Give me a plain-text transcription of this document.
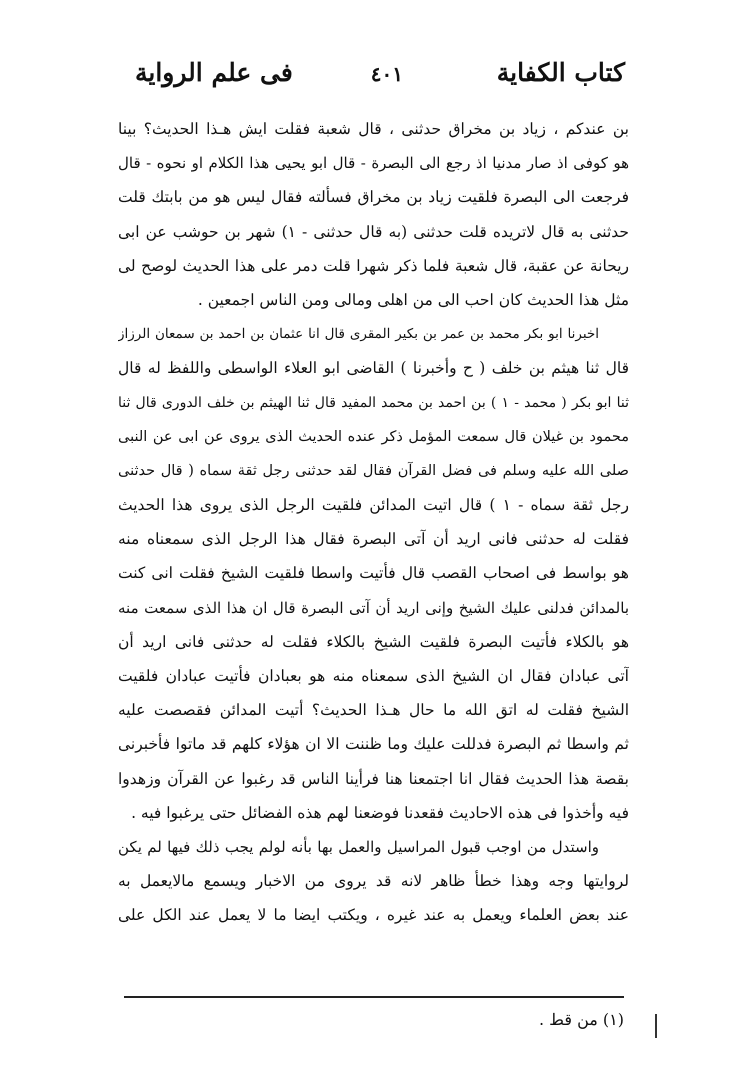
كتاب الكفاية
٤٠١
فى علم الرواية
بن عندكم ، زياد بن مخراق حدثنى ، قال شعبة فقلت ايش هـذا الحديث؟ بينا
هو كوفى اذ صار مدنيا اذ رجع الى البصرة - قال ابو يحيى هذا الكلام او نحوه - قال
فرجعت الى البصرة فلقيت زياد بن مخراق فسألته فقال ليس هو من بابتك قلت
حدثنى به قال لاتريده قلت حدثنى (به قال حدثنى - ١) شهر بن حوشب عن ابى
ريحانة عن عقبة، قال شعبة فلما ذكر شهرا قلت دمر على هذا الحديث لوصح لى
مثل هذا الحديث كان احب الى من اهلى ومالى ومن الناس اجمعين .
اخبرنا ابو بكر محمد بن عمر بن بكير المقرى قال انا عثمان بن احمد بن سمعان الرزاز
قال ثنا هيثم بن خلف ( ح وأخبرنا ) القاضى ابو العلاء الواسطى واللفظ له قال
ثنا ابو بكر ( محمد - ١ ) بن احمد بن محمد المفيد قال ثنا الهيثم بن خلف الدورى قال ثنا
محمود بن غيلان قال سمعت المؤمل ذكر عنده الحديث الذى يروى عن ابى عن النبى
صلى الله عليه وسلم فى فضل القرآن فقال لقد حدثنى رجل ثقة سماه ( قال حدثنى
رجل ثقة سماه - ١ ) قال اتيت المدائن فلقيت الرجل الذى يروى هذا الحديث
فقلت له حدثنى فانى اريد أن آتى البصرة فقال هذا الرجل الذى سمعناه منه
هو بواسط فى اصحاب القصب قال فأتيت واسطا فلقيت الشيخ فقلت انى كنت
بالمدائن فدلنى عليك الشيخ وإنى اريد أن آتى البصرة قال ان هذا الذى سمعت منه
هو بالكلاء فأتيت البصرة فلقيت الشيخ بالكلاء فقلت له حدثنى فانى اريد أن
آتى عبادان فقال ان الشيخ الذى سمعناه منه هو بعبادان فأتيت عبادان فلقيت
الشيخ فقلت له اتق الله ما حال هـذا الحديث؟ أتيت المدائن فقصصت عليه
ثم واسطا ثم البصرة فدللت عليك وما ظننت الا ان هؤلاء كلهم قد ماتوا فأخبرنى
بقصة هذا الحديث فقال انا اجتمعنا هنا فرأينا الناس قد رغبوا عن القرآن وزهدوا
فيه وأخذوا فى هذه الاحاديث فقعدنا فوضعنا لهم هذه الفضائل حتى يرغبوا فيه .
واستدل من اوجب قبول المراسيل والعمل بها بأنه لولم يجب ذلك فيها لم يكن
لروايتها وجه وهذا خطأ ظاهر لانه قد يروى من الاخبار ويسمع مالايعمل به
عند بعض العلماء ويعمل به عند غيره ، ويكتب ايضا ما لا يعمل عند الكل على
(١) من قط .
